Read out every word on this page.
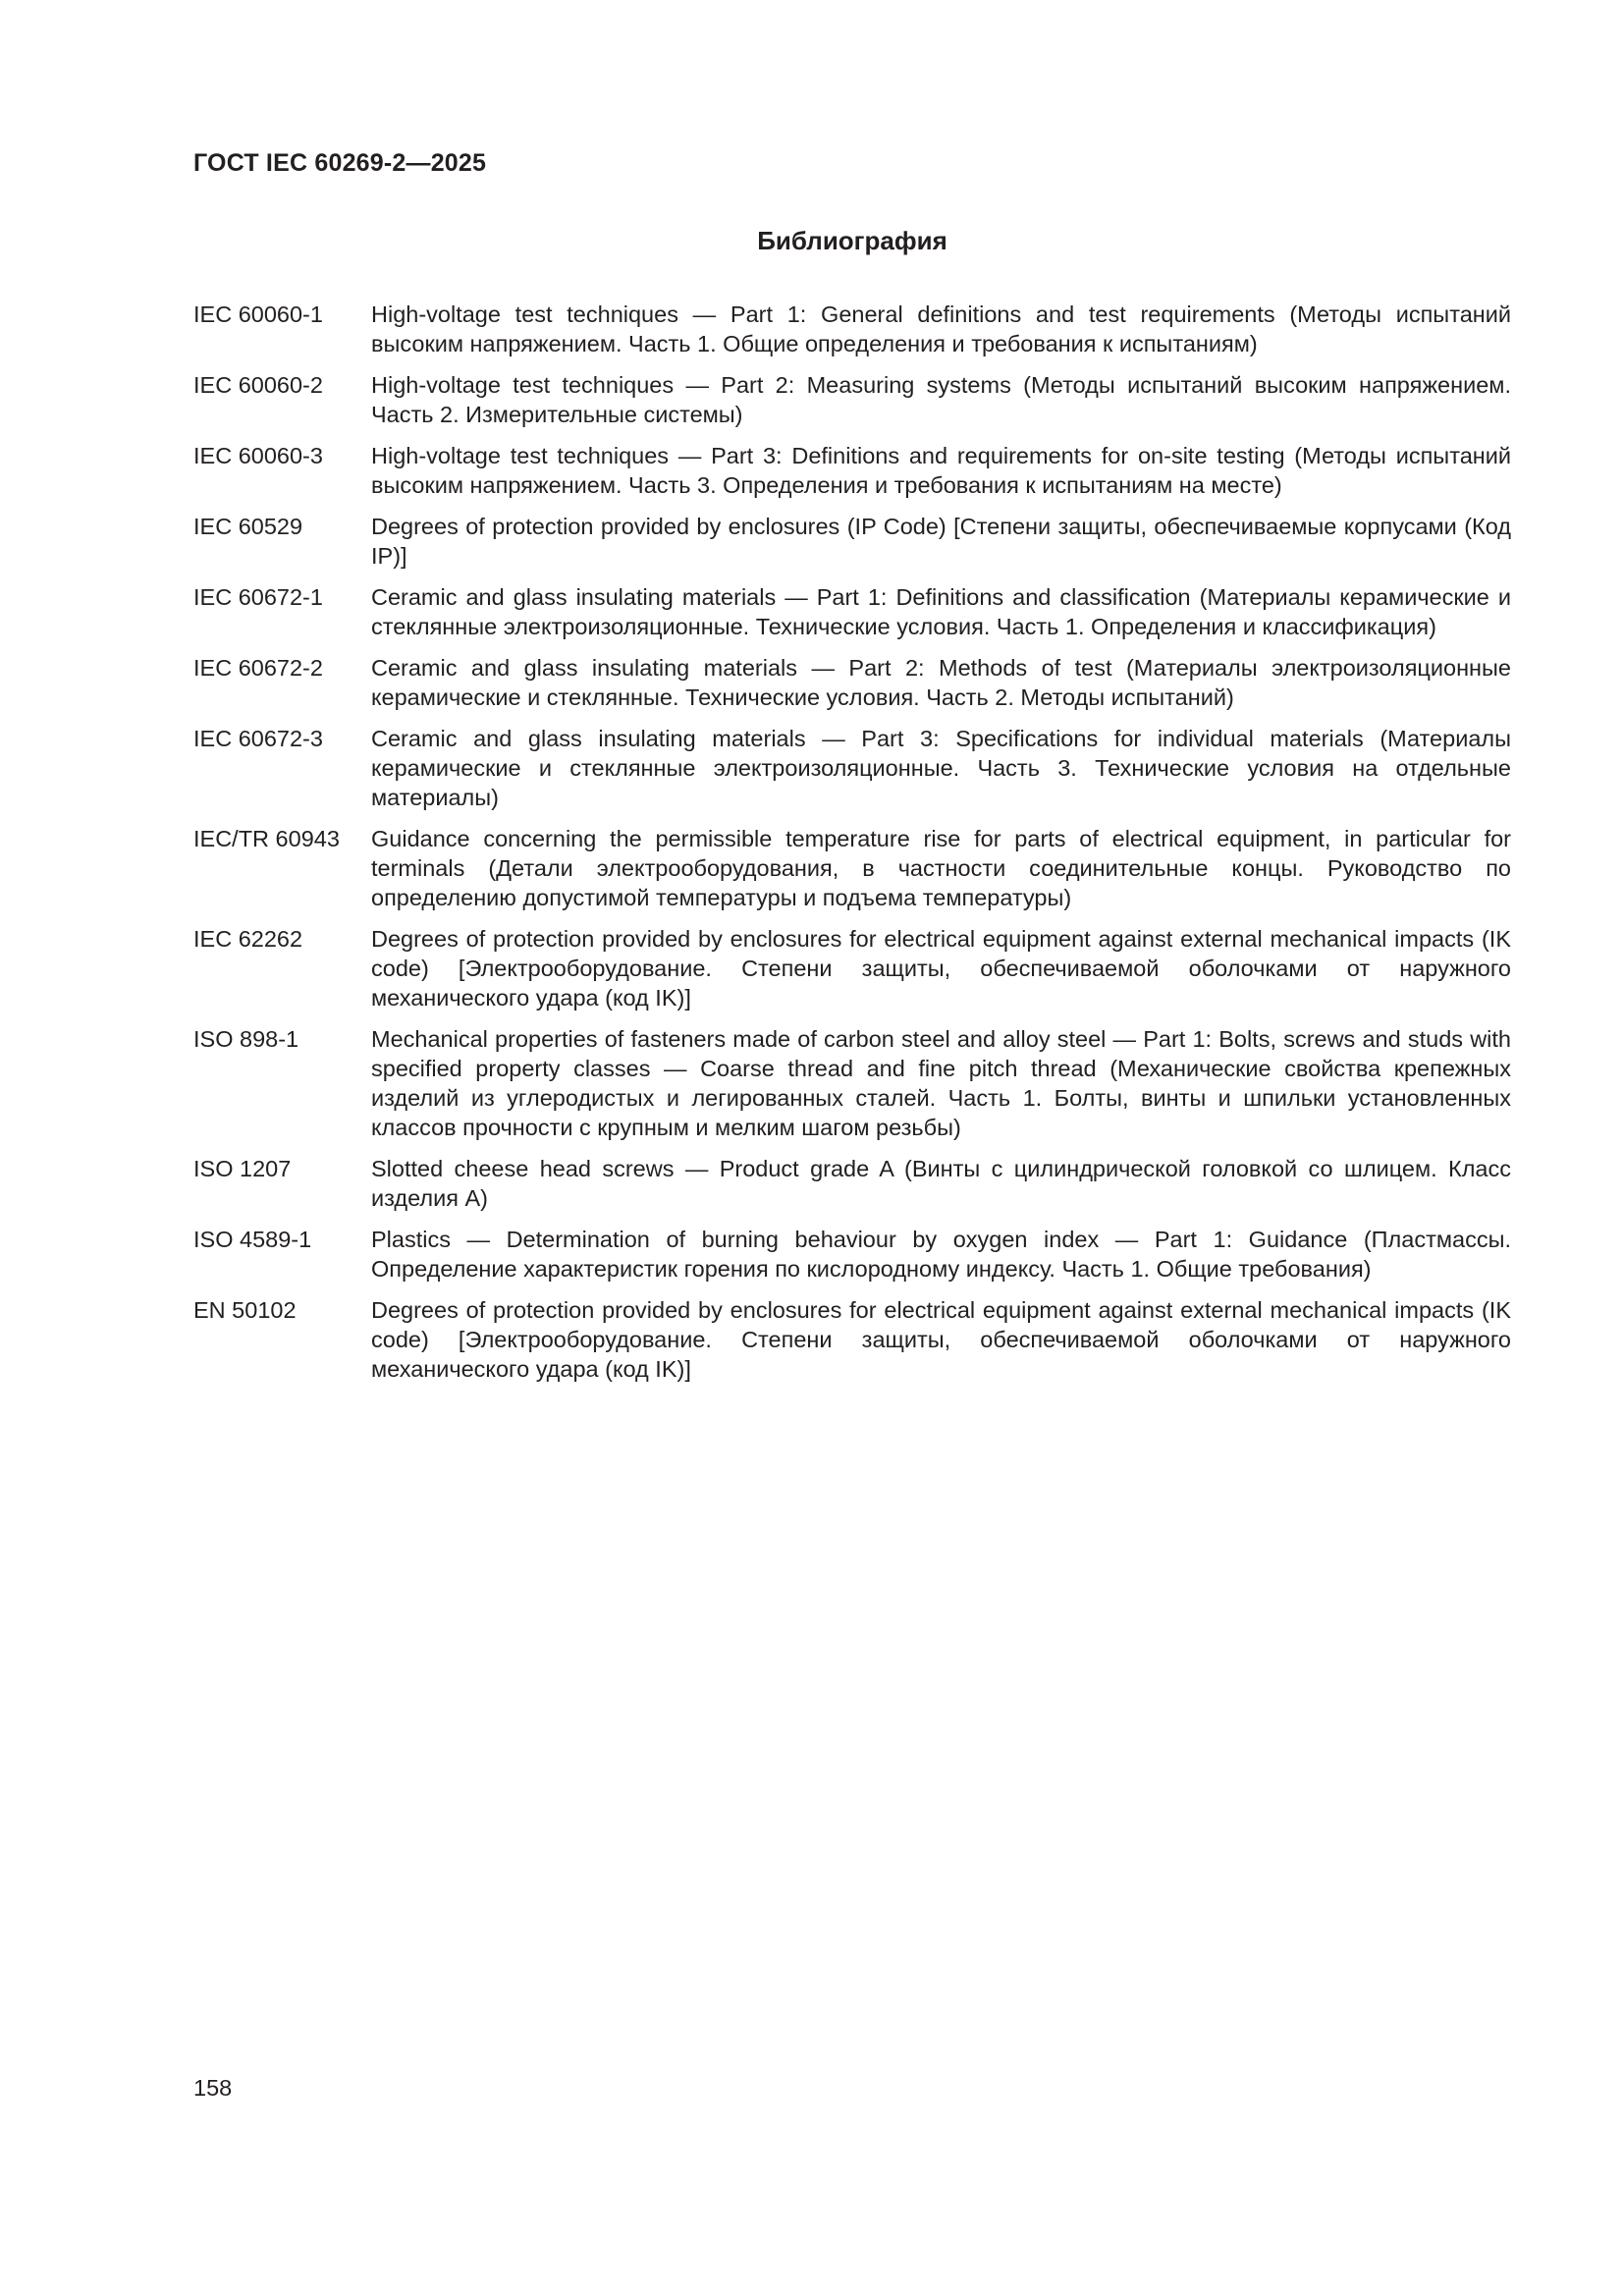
ГОСТ IEC 60269-2—2025
Библиография
IEC 60060-1	High-voltage test techniques — Part 1: General definitions and test requirements (Методы испытаний высоким напряжением. Часть 1. Общие определения и требования к испытаниям)
IEC 60060-2	High-voltage test techniques — Part 2: Measuring systems (Методы испытаний высоким напряжением. Часть 2. Измерительные системы)
IEC 60060-3	High-voltage test techniques — Part 3: Definitions and requirements for on-site testing (Методы испытаний высоким напряжением. Часть 3. Определения и требования к испытаниям на месте)
IEC 60529	Degrees of protection provided by enclosures (IP Code) [Степени защиты, обеспечиваемые корпусами (Код IP)]
IEC 60672-1	Ceramic and glass insulating materials — Part 1: Definitions and classification (Материалы керамические и стеклянные электроизоляционные. Технические условия. Часть 1. Определения и классификация)
IEC 60672-2	Ceramic and glass insulating materials — Part 2: Methods of test (Материалы электроизоляционные керамические и стеклянные. Технические условия. Часть 2. Методы испытаний)
IEC 60672-3	Ceramic and glass insulating materials — Part 3: Specifications for individual materials (Материалы керамические и стеклянные электроизоляционные. Часть 3. Технические условия на отдельные материалы)
IEC/TR 60943	Guidance concerning the permissible temperature rise for parts of electrical equipment, in particular for terminals (Детали электрооборудования, в частности соединительные концы. Руководство по определению допустимой температуры и подъема температуры)
IEC 62262	Degrees of protection provided by enclosures for electrical equipment against external mechanical impacts (IK code) [Электрооборудование. Степени защиты, обеспечиваемой оболочками от наружного механического удара (код IK)]
ISO 898-1	Mechanical properties of fasteners made of carbon steel and alloy steel — Part 1: Bolts, screws and studs with specified property classes — Coarse thread and fine pitch thread (Механические свойства крепежных изделий из углеродистых и легированных сталей. Часть 1. Болты, винты и шпильки установленных классов прочности с крупным и мелким шагом резьбы)
ISO 1207	Slotted cheese head screws — Product grade A (Винты с цилиндрической головкой со шлицем. Класс изделия А)
ISO 4589-1	Plastics — Determination of burning behaviour by oxygen index — Part 1: Guidance (Пластмассы. Определение характеристик горения по кислородному индексу. Часть 1. Общие требования)
EN 50102	Degrees of protection provided by enclosures for electrical equipment against external mechanical impacts (IK code) [Электрооборудование. Степени защиты, обеспечиваемой оболочками от наружного механического удара (код IK)]
158
